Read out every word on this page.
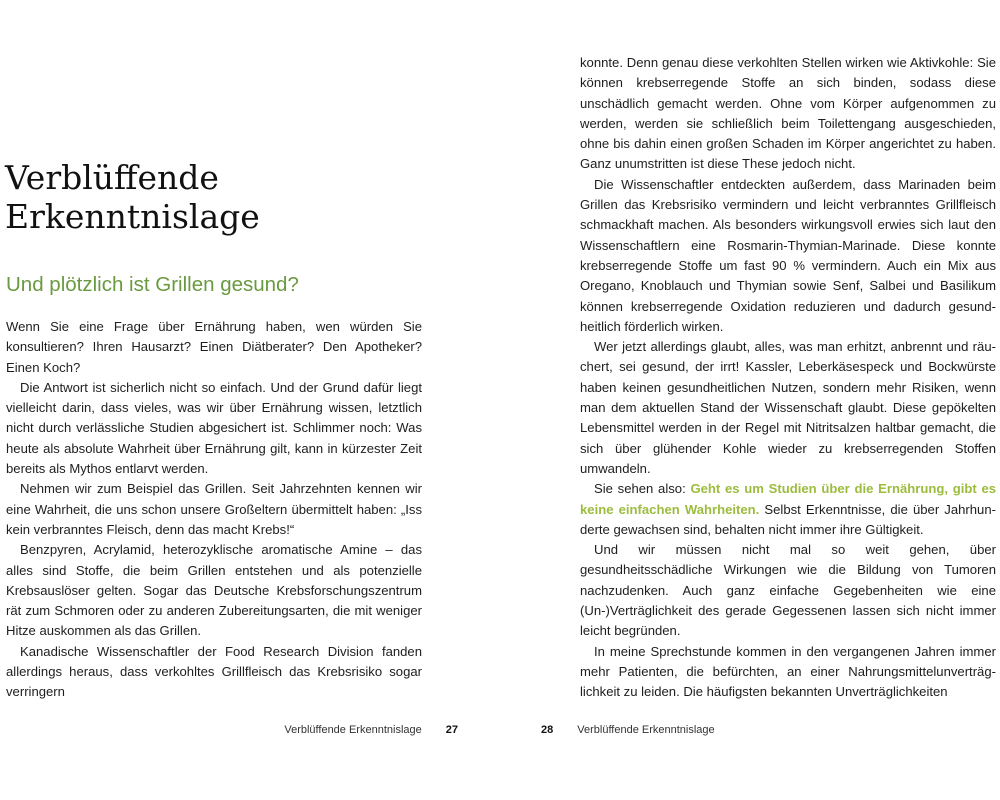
Verblüffende
Erkenntnislage
Und plötzlich ist Grillen gesund?

Wenn Sie eine Frage über Ernährung haben, wen würden Sie konsultieren? Ihren Hausarzt? Einen Diätberater? Den Apotheker? Einen Koch?

Die Antwort ist sicherlich nicht so einfach. Und der Grund dafür liegt vielleicht darin, dass vieles, was wir über Ernährung wissen, letztlich nicht durch verlässliche Studien abgesichert ist. Schlimmer noch: Was heute als absolute Wahrheit über Ernährung gilt, kann in kürzester Zeit bereits als Mythos entlarvt werden.

Nehmen wir zum Beispiel das Grillen. Seit Jahrzehnten kennen wir eine Wahrheit, die uns schon unsere Großeltern übermittelt haben: „Iss kein verbranntes Fleisch, denn das macht Krebs!“

Benzpyren, Acrylamid, heterozyklische aromatische Amine – das alles sind Stoffe, die beim Grillen entstehen und als potenzielle Krebsauslöser gelten. Sogar das Deutsche Krebsforschungszentrum rät zum Schmoren oder zu anderen Zubereitungsarten, die mit weniger Hitze auskommen als das Grillen.

Kanadische Wissenschaftler der Food Research Division fanden allerdings heraus, dass verkohltes Grillfleisch das Krebsrisiko sogar verringern

Verblüffende Erkenntnislage 27

konnte. Denn genau diese verkohlten Stellen wirken wie Aktivkohle: Sie können krebserregende Stoffe an sich binden, sodass diese unschädlich gemacht werden. Ohne vom Körper aufgenommen zu werden, werden sie schließlich beim Toilettengang ausgeschieden, ohne bis dahin einen großen Schaden im Körper angerichtet zu haben. Ganz unumstritten ist diese These jedoch nicht.

Die Wissenschaftler entdeckten außerdem, dass Marinaden beim Grillen das Krebsrisiko vermindern und leicht verbranntes Grillfleisch schmackhaft machen. Als besonders wirkungsvoll erwies sich laut den Wissenschaftlern eine Rosmarin-Thymian-Marinade. Diese konnte krebserregende Stoffe um fast 90 % vermindern. Auch ein Mix aus Oregano, Knoblauch und Thymian sowie Senf, Salbei und Basilikum können krebserregende Oxidation reduzieren und dadurch gesundheitlich förderlich wirken.

Wer jetzt allerdings glaubt, alles, was man erhitzt, anbrennt und räuchert, sei gesund, der irrt! Kassler, Leberkäsespeck und Bockwürste haben keinen gesundheitlichen Nutzen, sondern mehr Risiken, wenn man dem aktuellen Stand der Wissenschaft glaubt. Diese gepökelten Lebensmittel werden in der Regel mit Nitritsalzen haltbar gemacht, die sich über glühender Kohle wieder zu krebserregenden Stoffen umwandeln.

Sie sehen also: Geht es um Studien über die Ernährung, gibt es keine einfachen Wahrheiten. Selbst Erkenntnisse, die über Jahrhunderte gewachsen sind, behalten nicht immer ihre Gültigkeit.

Und wir müssen nicht mal so weit gehen, über gesundheitsschädliche Wirkungen wie die Bildung von Tumoren nachzudenken. Auch ganz einfache Gegebenheiten wie eine (Un-)Verträglichkeit des gerade Gegessenen lassen sich nicht immer leicht begründen.

In meine Sprechstunde kommen in den vergangenen Jahren immer mehr Patienten, die befürchten, an einer Nahrungsmittelunverträglichkeit zu leiden. Die häufigsten bekannten Unverträglichkeiten

28 Verblüffende Erkenntnislage
